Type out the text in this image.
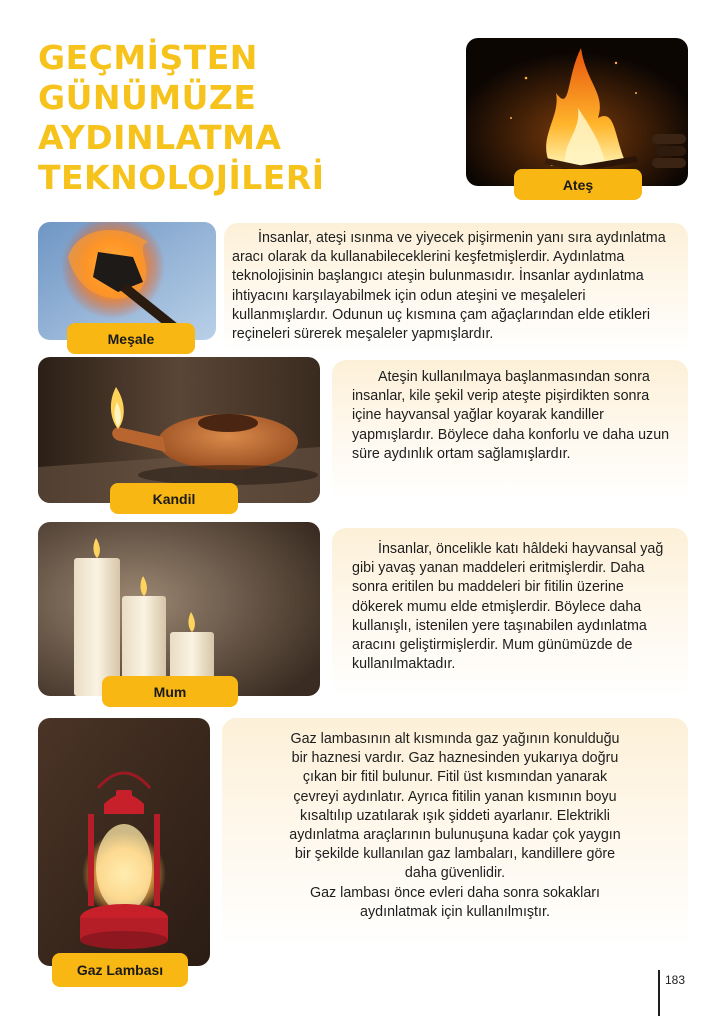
GEÇMİŞTEN
GÜNÜMÜZE
AYDINLATMA
TEKNOLOJİLERİ	Ateş
Meşale

İnsanlar, ateşi ısınma ve yiyecek pişirmenin yanı sıra aydınlatma aracı olarak da kullanabileceklerini keşfetmişlerdir. Aydınlatma teknolojisinin başlangıcı ateşin bulunmasıdır. İnsanlar aydınlatma ihtiyacını karşılayabilmek için odun ateşini ve meşaleleri kullanmışlardır. Odunun uç kısmına çam ağaçlarından elde etikleri reçineleri sürerek meşaleler yapmışlardır.

Kandil

Ateşin kullanılmaya başlanmasından sonra insanlar, kile şekil verip ateşte pişirdikten sonra içine hayvansal yağlar koyarak kandiller yapmışlardır. Böylece daha konforlu ve daha uzun süre aydınlık ortam sağlamışlardır.

Mum

İnsanlar, öncelikle katı hâldeki hayvansal yağ gibi yavaş yanan maddeleri eritmişlerdir. Daha sonra eritilen bu maddeleri bir fitilin üzerine dökerek mumu elde etmişlerdir. Böylece daha kullanışlı, istenilen yere taşınabilen aydınlatma aracını geliştirmişlerdir. Mum günümüzde de kullanılmaktadır.

Gaz Lambası

Gaz lambasının alt kısmında gaz yağının konulduğu bir haznesi vardır. Gaz haznesinden yukarıya doğru çıkan bir fitil bulunur. Fitil üst kısmından yanarak çevreyi aydınlatır. Ayrıca fitilin yanan kısmının boyu kısaltılıp uzatılarak ışık şiddeti ayarlanır. Elektrikli aydınlatma araçlarının bulunuşuna kadar çok yaygın bir şekilde kullanılan gaz lambaları, kandillere göre daha güvenlidir.

Gaz lambası önce evleri daha sonra sokakları aydınlatmak için kullanılmıştır.

183
